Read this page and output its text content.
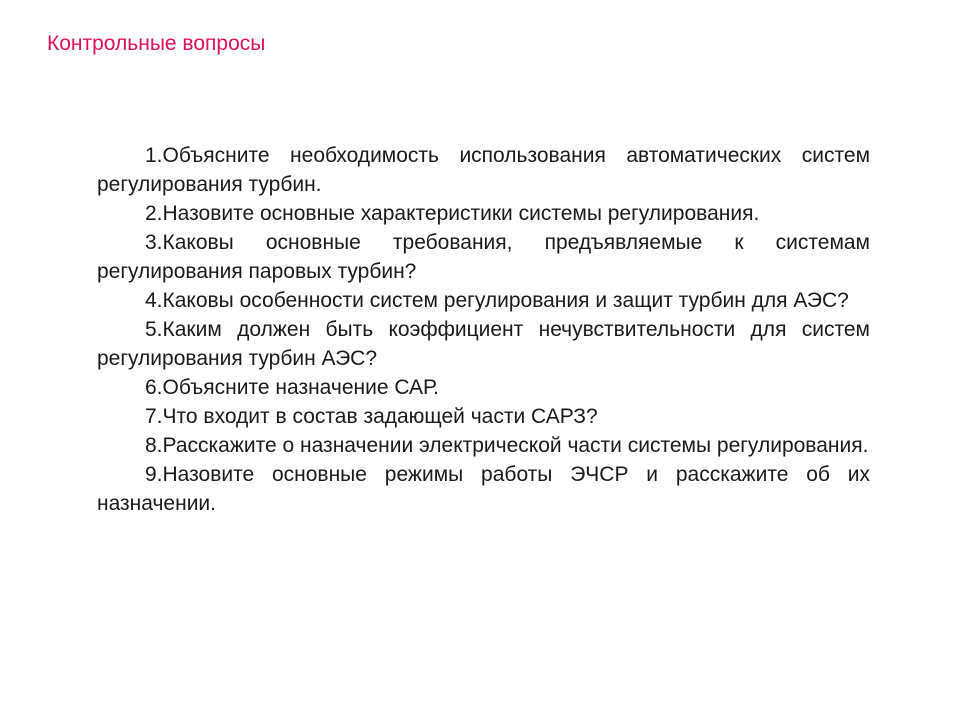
Контрольные вопросы
1.Объясните необходимость использования автоматических систем регулирования турбин.
2.Назовите основные характеристики системы регулирования.
3.Каковы основные требования, предъявляемые к системам регулирования паровых турбин?
4.Каковы особенности систем регулирования и защит турбин для АЭС?
5.Каким должен быть коэффициент нечувствительности для систем регулирования турбин АЭС?
6.Объясните назначение САР.
7.Что входит в состав задающей части САРЗ?
8.Расскажите о назначении электрической части системы регулирования.
9.Назовите основные режимы работы ЭЧСР и расскажите об их назначении.
